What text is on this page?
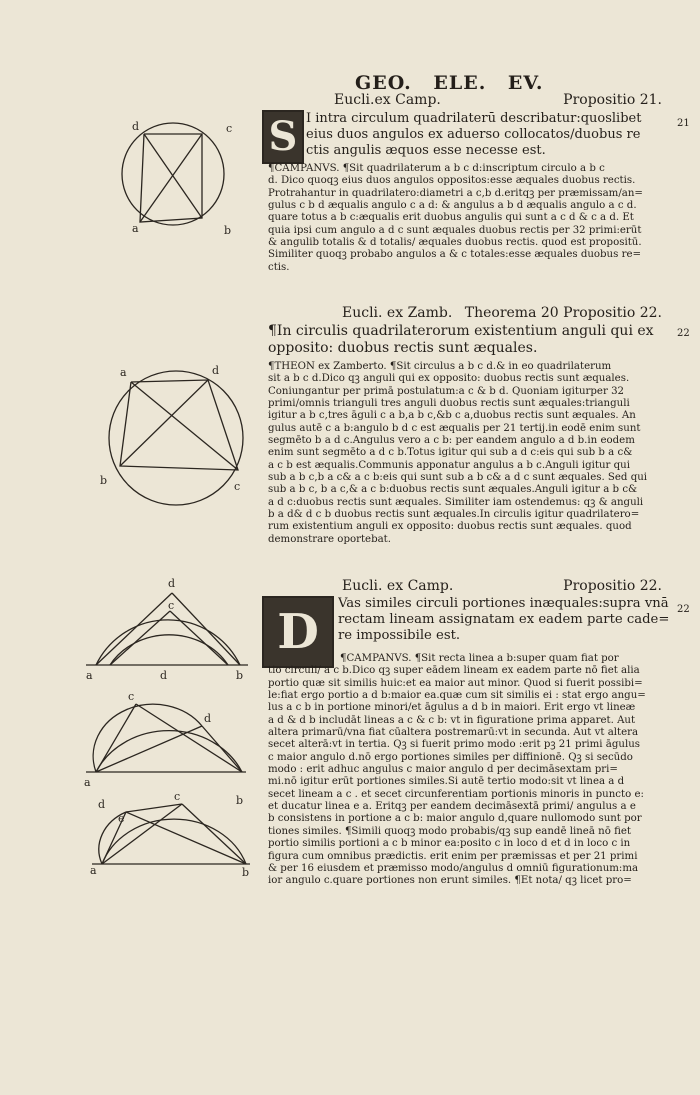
GEO. ELE. EV.
d	c
a	b
a	d
b	c
d
c
a	d	b
c
a
d
b
c
d
e
a	b
Eucli.ex Camp.	Propositio 21.
21
S I intra circulum quadrilaterū describatur:quoslibet
eius duos angulos ex aduerso collocatos/duobus re
ctis angulis æquos esse necesse est.
¶CAMPANVS. ¶Sit quadrilaterum a b c d:inscriptum circulo a b c
d. Dico quoqꝫ eius duos angulos oppositos:esse æquales duobus rectis.
Protrahantur in quadrilatero:diametri a c,b d.eritqꝫ per præmissam/an=
gulus c b d æqualis angulo c a d: & angulus a b d æqualis angulo a c d.
quare totus a b c:æqualis erit duobus angulis qui sunt a c d & c a d. Et
quia ipsi cum angulo a d c sunt æquales duobus rectis per 32 primi:erūt
& angulib totalis & d totalis/ æquales duobus rectis. quod est propositū.
Similiter quoqꝫ probabo angulos a & c totales:esse æquales duobus re=
ctis.
Eucli. ex Zamb. Theorema 20 Propositio 22.
22
¶In circulis quadrilaterorum existentium anguli qui ex
opposito: duobus rectis sunt æquales.
¶THEON ex Zamberto. ¶Sit circulus a b c d.& in eo quadrilaterum
sit a b c d.Dico qꝫ anguli qui ex opposito: duobus rectis sunt æquales.
Coniungantur per primā postulatum:a c & b d. Quoniam igiturper 32
primi/omnis trianguli tres anguli duobus rectis sunt æquales:trianguli
igitur a b c,tres āguli c a b,a b c,&b c a,duobus rectis sunt æquales. An
gulus autē c a b:angulo b d c est æqualis per 21 tertij.in eodē enim sunt
segmēto b a d c.Angulus vero a c b: per eandem angulo a d b.in eodem
enim sunt segmēto a d c b.Totus igitur qui sub a d c:eis qui sub b a c&
a c b est æqualis.Communis apponatur angulus a b c.Anguli igitur qui
sub a b c,b a c& a c b:eis qui sunt sub a b c& a d c sunt æquales. Sed qui
sub a b c, b a c,& a c b:duobus rectis sunt æquales.Anguli igitur a b c&
a d c:duobus rectis sunt æquales. Similiter iam ostendemus: qꝫ & anguli
b a d& d c b duobus rectis sunt æquales.In circulis igitur quadrilatero=
rum existentium anguli ex opposito: duobus rectis sunt æquales. quod
demonstrare oportebat.
Eucli. ex Camp.	Propositio 22.
22
D
Vas similes circuli portiones inæquales:supra vnā
rectam lineam assignatam ex eadem parte cade=
re impossibile est.
¶CAMPANVS. ¶Sit recta linea a b:super quam fiat por
tio circuli/ a c b.Dico qꝫ super eādem lineam ex eadem parte nō fiet alia
portio quæ sit similis huic:et ea maior aut minor. Quod si fuerit possibi=
le:fiat ergo portio a d b:maior ea.quæ cum sit similis ei : stat ergo angu=
lus a c b in portione minori/et āgulus a d b in maiori. Erit ergo vt lineæ
a d & d b includāt lineas a c & c b: vt in figuratione prima apparet. Aut
altera primarū/vna fiat cūaltera postremarū:vt in secunda. Aut vt altera
secet alterā:vt in tertia. Qꝫ si fuerit primo modo :erit pꝫ 21 primi āgulus
c maior angulo d.nō ergo portiones similes per diffinionē. Qꝫ si secūdo
modo : erit adhuc angulus c maior angulo d per decimāsextam pri=
mi.nō igitur erūt portiones similes.Si autē tertio modo:sit vt linea a d
secet lineam a c . et secet circunferentiam portionis minoris in puncto e:
et ducatur linea e a. Eritqꝫ per eandem decimāsextā primi/ angulus a e
b consistens in portione a c b: maior angulo d,quare nullomodo sunt por
tiones similes. ¶Simili quoqꝫ modo probabis/qꝫ sup eandē lineā nō fiet
portio similis portioni a c b minor ea:posito c in loco d et d in loco c in
figura cum omnibus prædictis. erit enim per præmissas et per 21 primi
& per 16 eiusdem et præmisso modo/angulus d omniū figurationum:ma
ior angulo c.quare portiones non erunt similes. ¶Et nota/ qꝫ licet pro=
